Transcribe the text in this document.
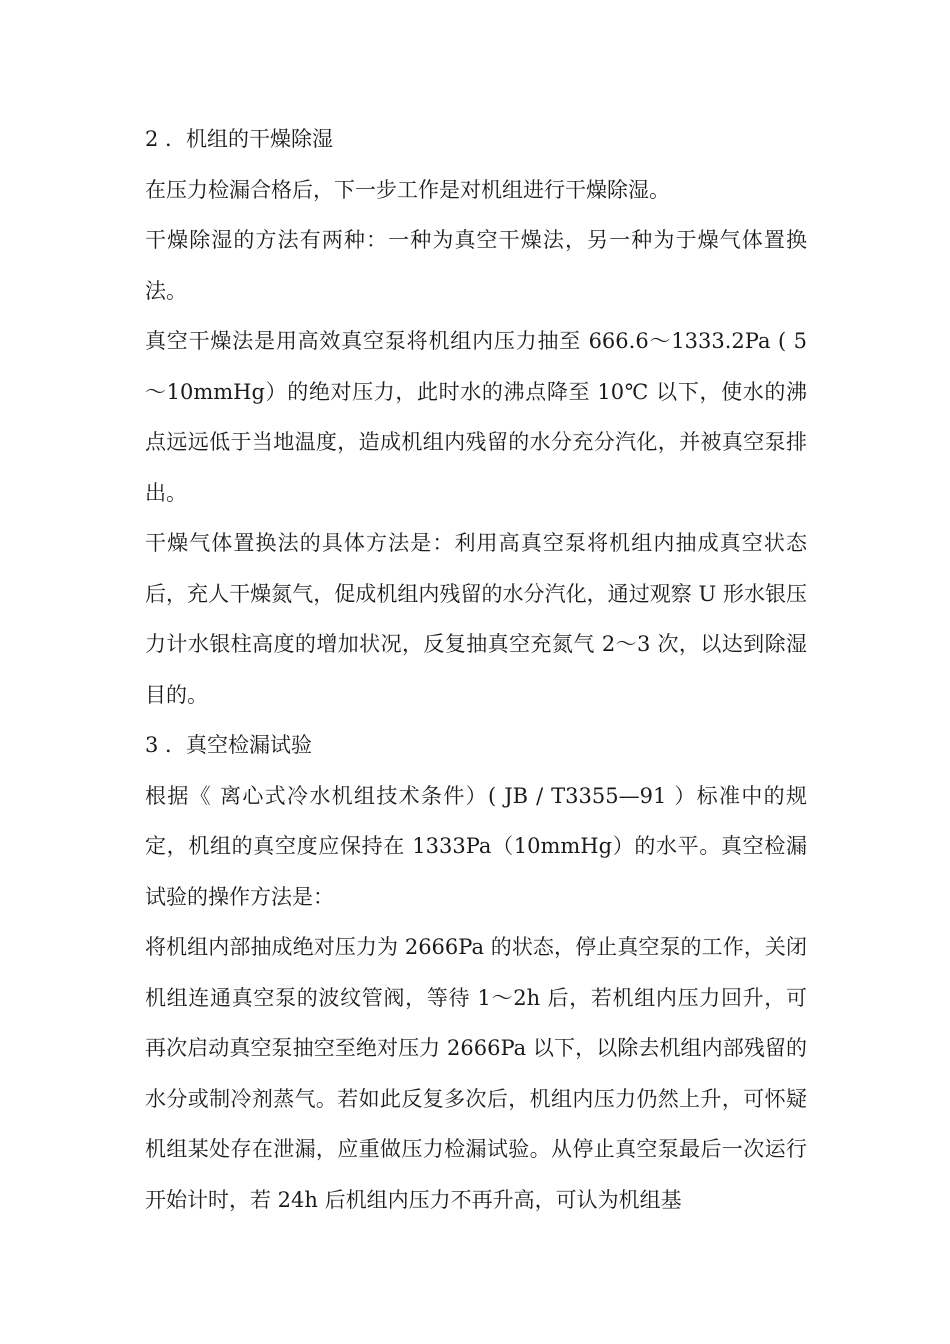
2 ．机组的干燥除湿

在压力检漏合格后，下一步工作是对机组进行干燥除湿。

干燥除湿的方法有两种：一种为真空干燥法，另一种为于燥气体置换法。

真空干燥法是用高效真空泵将机组内压力抽至 666.6～1333.2Pa ( 5～10mmHg）的绝对压力，此时水的沸点降至 10℃ 以下，使水的沸点远远低于当地温度，造成机组内残留的水分充分汽化，并被真空泵排出。

干燥气体置换法的具体方法是：利用高真空泵将机组内抽成真空状态后，充人干燥氮气，促成机组内残留的水分汽化，通过观察 U 形水银压力计水银柱高度的增加状况，反复抽真空充氮气 2～3 次，以达到除湿目的。

3 ．真空检漏试验

根据《 离心式冷水机组技术条件）( JB / T3355—91 ）标准中的规定，机组的真空度应保持在 1333Pa（10mmHg）的水平。真空检漏试验的操作方法是：

将机组内部抽成绝对压力为 2666Pa 的状态，停止真空泵的工作，关闭机组连通真空泵的波纹管阀，等待 1～2h 后，若机组内压力回升，可再次启动真空泵抽空至绝对压力 2666Pa 以下，以除去机组内部残留的水分或制冷剂蒸气。若如此反复多次后，机组内压力仍然上升，可怀疑机组某处存在泄漏，应重做压力检漏试验。从停止真空泵最后一次运行开始计时，若 24h 后机组内压力不再升高，可认为机组基
